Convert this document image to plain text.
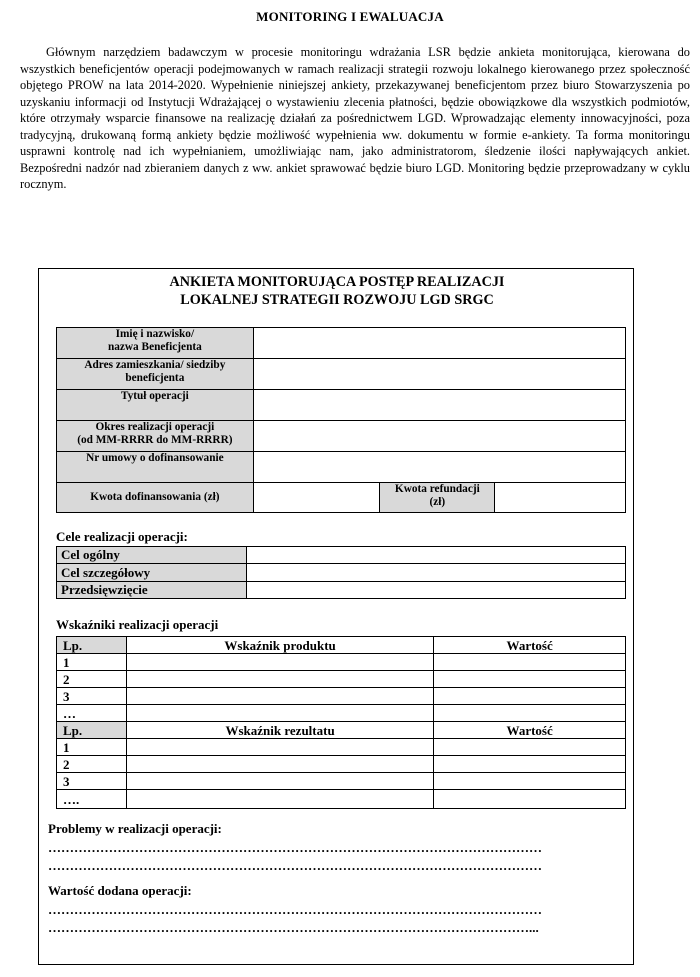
MONITORING I EWALUACJA

Głównym narzędziem badawczym w procesie monitoringu wdrażania LSR będzie ankieta monitorująca, kierowana do wszystkich beneficjentów operacji podejmowanych w ramach realizacji strategii rozwoju lokalnego kierowanego przez społeczność objętego PROW na lata 2014-2020. Wypełnienie niniejszej ankiety, przekazywanej beneficjentom przez biuro Stowarzyszenia po uzyskaniu informacji od Instytucji Wdrażającej o wystawieniu zlecenia płatności, będzie obowiązkowe dla wszystkich podmiotów, które otrzymały wsparcie finansowe na realizację działań za pośrednictwem LGD. Wprowadzając elementy innowacyjności, poza tradycyjną, drukowaną formą ankiety będzie możliwość wypełnienia ww. dokumentu w formie e-ankiety. Ta forma monitoringu usprawni kontrolę nad ich wypełnianiem, umożliwiając nam, jako administratorom, śledzenie ilości napływających ankiet. Bezpośredni nadzór nad zbieraniem danych z ww. ankiet sprawować będzie biuro LGD. Monitoring będzie przeprowadzany w cyklu rocznym.

ANKIETA MONITORUJĄCA POSTĘP REALIZACJI
LOKALNEJ STRATEGII ROZWOJU LGD SRGC
Imię i nazwisko/
nazwa Beneficjenta			
Adres zamieszkania/ siedziby
beneficjenta			
Tytuł operacji			
Okres realizacji operacji
(od MM-RRRR do MM-RRRR)			
Nr umowy o dofinansowanie			
Kwota dofinansowania (zł)		Kwota refundacji
(zł)	
Cele realizacji operacji:
Cel ogólny	
Cel szczegółowy	
Przedsięwzięcie	
Wskaźniki realizacji operacji
Lp.	Wskaźnik produktu	Wartość
1		
2		
3		
…		
Lp.	Wskaźnik rezultatu	Wartość
1		
2		
3		
….		
Problemy w realizacji operacji:
……………………………………………………………………………………………………
……………………………………………………………………………………………………
Wartość dodana operacji:
……………………………………………………………………………………………………
…………………………………………………………………………………………………...
